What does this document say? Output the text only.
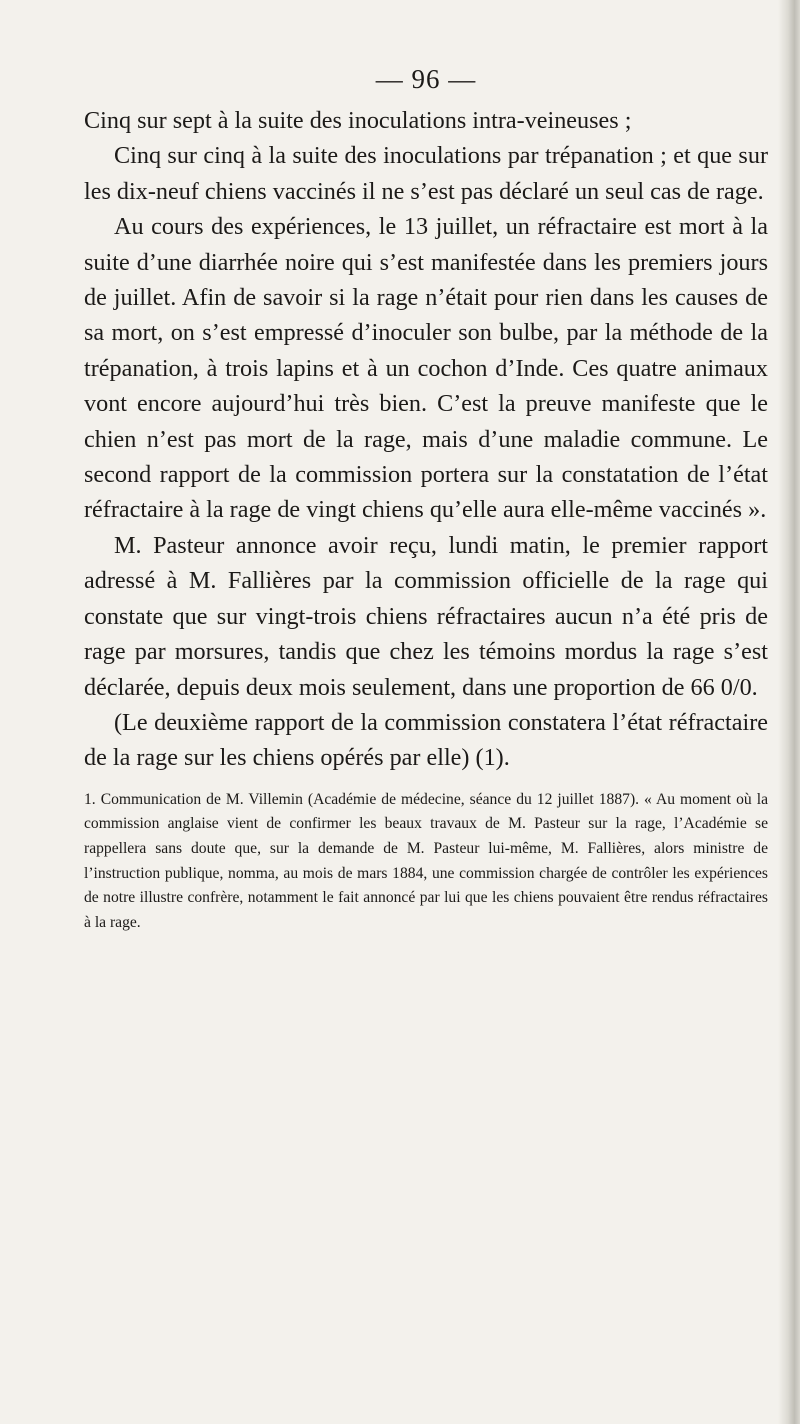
— 96 —

Cinq sur sept à la suite des inoculations intra-veineuses ;

Cinq sur cinq à la suite des inoculations par trépanation ; et que sur les dix-neuf chiens vaccinés il ne s’est pas déclaré un seul cas de rage.

Au cours des expériences, le 13 juillet, un réfractaire est mort à la suite d’une diarrhée noire qui s’est manifestée dans les premiers jours de juillet. Afin de savoir si la rage n’était pour rien dans les causes de sa mort, on s’est empressé d’inoculer son bulbe, par la méthode de la trépanation, à trois lapins et à un cochon d’Inde. Ces quatre animaux vont encore aujourd’hui très bien. C’est la preuve manifeste que le chien n’est pas mort de la rage, mais d’une maladie commune. Le second rapport de la commission portera sur la constatation de l’état réfractaire à la rage de vingt chiens qu’elle aura elle-même vaccinés ».

M. Pasteur annonce avoir reçu, lundi matin, le premier rapport adressé à M. Fallières par la commission officielle de la rage qui constate que sur vingt-trois chiens réfractaires aucun n’a été pris de rage par morsures, tandis que chez les témoins mordus la rage s’est déclarée, depuis deux mois seulement, dans une proportion de 66 0/0.

(Le deuxième rapport de la commission constatera l’état réfractaire de la rage sur les chiens opérés par elle) (1).

1. Communication de M. Villemin (Académie de médecine, séance du 12 juillet 1887). « Au moment où la commission anglaise vient de confirmer les beaux travaux de M. Pasteur sur la rage, l’Académie se rappellera sans doute que, sur la demande de M. Pasteur lui-même, M. Fallières, alors ministre de l’instruction publique, nomma, au mois de mars 1884, une commission chargée de contrôler les expériences de notre illustre confrère, notamment le fait annoncé par lui que les chiens pouvaient être rendus réfractaires à la rage.
